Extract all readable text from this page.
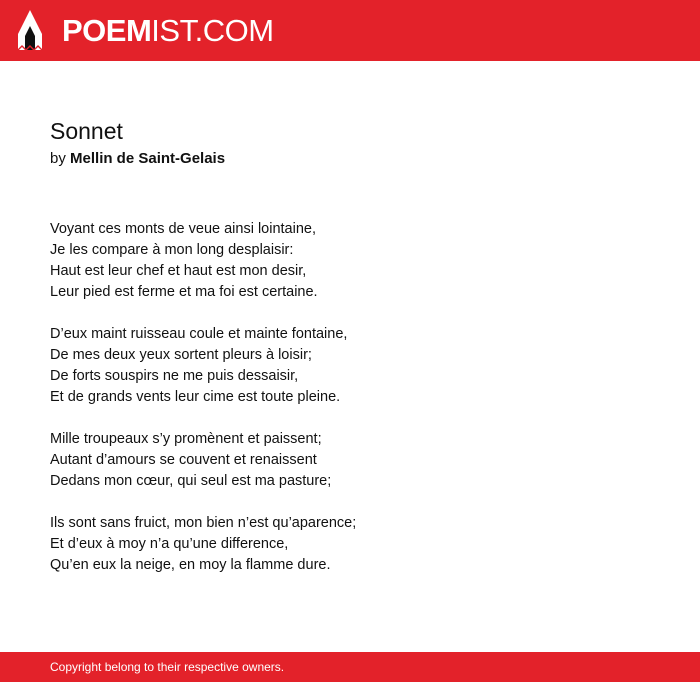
POEMIST.COM
Sonnet
by Mellin de Saint-Gelais
Voyant ces monts de veue ainsi lointaine,
Je les compare à mon long desplaisir:
Haut est leur chef et haut est mon desir,
Leur pied est ferme et ma foi est certaine.
D’eux maint ruisseau coule et mainte fontaine,
De mes deux yeux sortent pleurs à loisir;
De forts souspirs ne me puis dessaisir,
Et de grands vents leur cime est toute pleine.
Mille troupeaux s’y promènent et paissent;
Autant d’amours se couvent et renaissent
Dedans mon cœur, qui seul est ma pasture;
Ils sont sans fruict, mon bien n’est qu’aparence;
Et d’eux à moy n’a qu’une difference,
Qu’en eux la neige, en moy la flamme dure.
Copyright belong to their respective owners.
